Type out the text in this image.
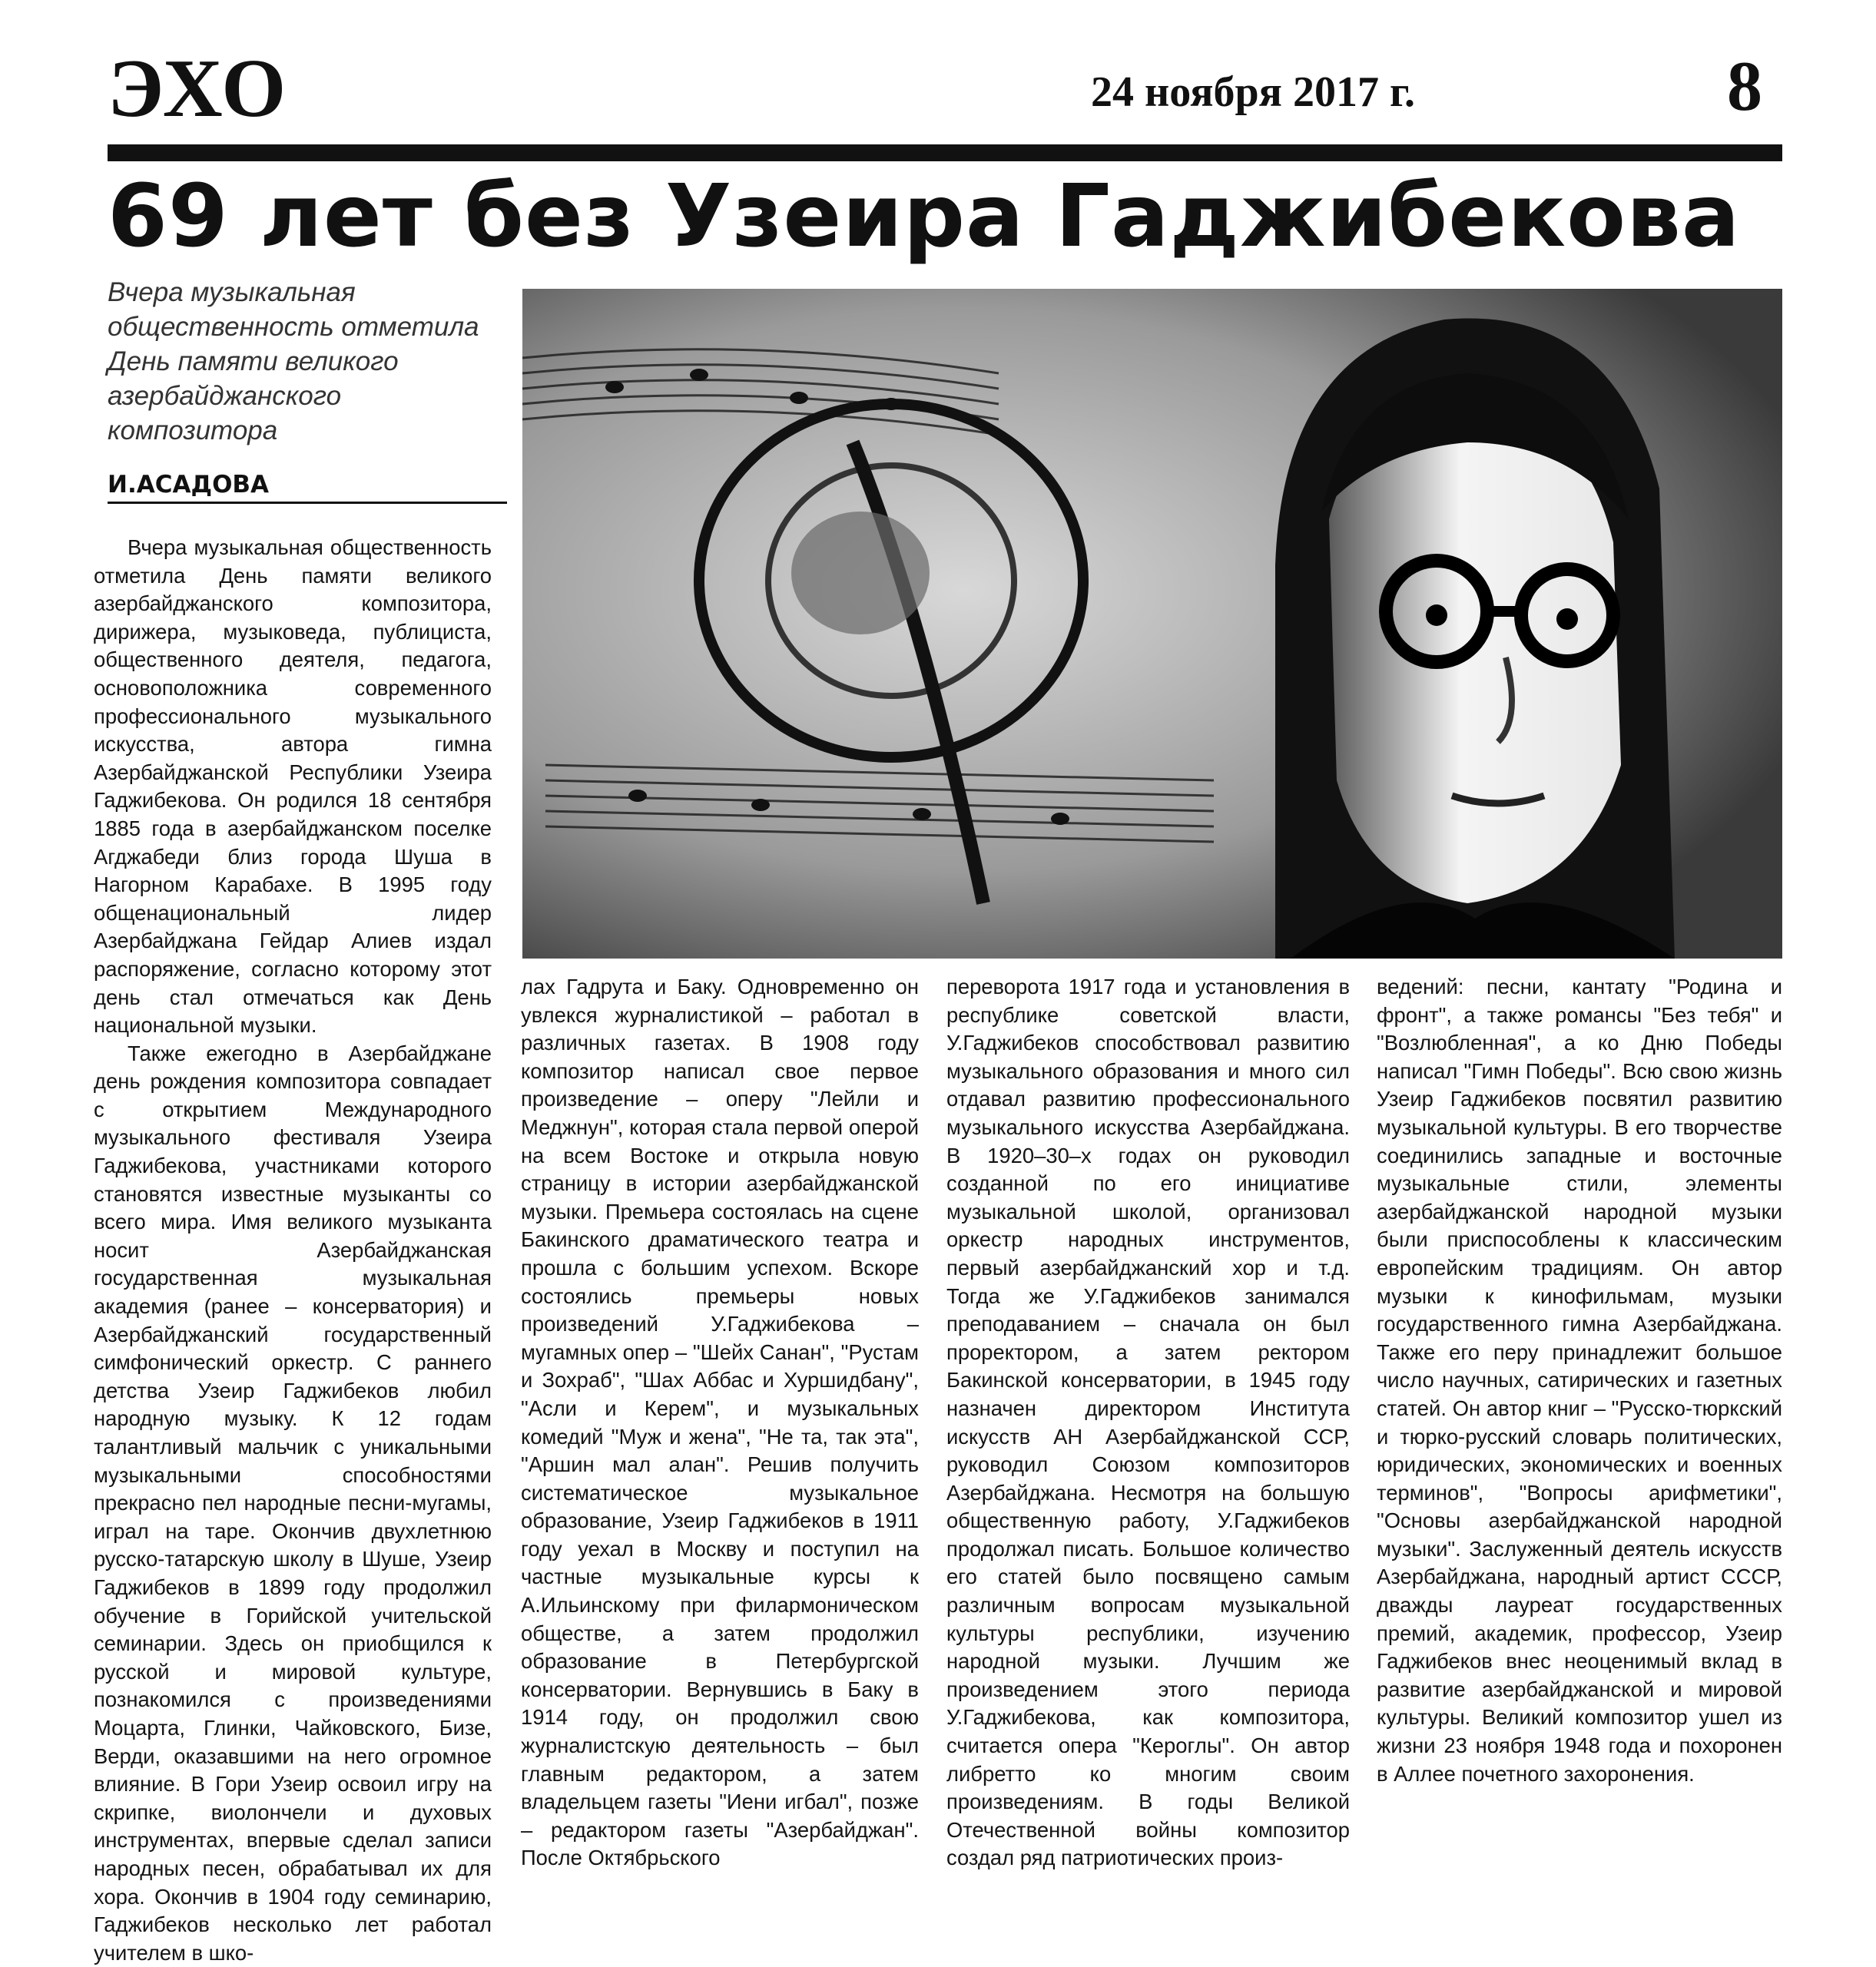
ЭХО	24 ноября 2017 г.	8
69 лет без Узеира Гаджибекова
Вчера музыкальная общественность отметила День памяти великого азербайджанского композитора
И.АСАДОВА

Вчера музыкальная общественность отметила День памяти великого азербайджанского композитора, дирижера, музыковеда, публициста, общественного деятеля, педагога, основоположника современного профессионального музыкального искусства, автора гимна Азербайджанской Республики Узеира Гаджибекова. Он родился 18 сентября 1885 года в азербайджанском поселке Агджабеди близ города Шуша в Нагорном Карабахе. В 1995 году общенациональный лидер Азербайджана Гейдар Алиев издал распоряжение, согласно которому этот день стал отмечаться как День национальной музыки.

Также ежегодно в Азербайджане день рождения композитора совпадает с открытием Международного музыкального фестиваля Узеира Гаджибекова, участниками которого становятся известные музыканты со всего мира. Имя великого музыканта носит Азербайджанская государственная музыкальная академия (ранее – консерватория) и Азербайджанский государственный симфонический оркестр. С раннего детства Узеир Гаджибеков любил народную музыку. К 12 годам талантливый мальчик с уникальными музыкальными способностями прекрасно пел народные песни-мугамы, играл на таре. Окончив двухлетнюю русско-татарскую школу в Шуше, Узеир Гаджибеков в 1899 году продолжил обучение в Горийской учительской семинарии. Здесь он приобщился к русской и мировой культуре, познакомился с произведениями Моцарта, Глинки, Чайковского, Бизе, Верди, оказавшими на него огромное влияние. В Гори Узеир освоил игру на скрипке, виолончели и духовых инструментах, впервые сделал записи народных песен, обрабатывал их для хора. Окончив в 1904 году семинарию, Гаджибеков несколько лет работал учителем в шко-

лах Гадрута и Баку. Одновременно он увлекся журналистикой – работал в различных газетах. В 1908 году композитор написал свое первое произведение – оперу "Лейли и Меджнун", которая стала первой оперой на всем Востоке и открыла новую страницу в истории азербайджанской музыки. Премьера состоялась на сцене Бакинского драматического театра и прошла с большим успехом. Вскоре состоялись премьеры новых произведений У.Гаджибекова – мугамных опер – "Шейх Санан", "Рустам и Зохраб", "Шах Аббас и Хуршидбану", "Асли и Керем", и музыкальных комедий "Муж и жена", "Не та, так эта", "Аршин мал алан". Решив получить систематическое музыкальное образование, Узеир Гаджибеков в 1911 году уехал в Москву и поступил на частные музыкальные курсы к А.Ильинскому при филармоническом обществе, а затем продолжил образование в Петербургской консерватории. Вернувшись в Баку в 1914 году, он продолжил свою журналистскую деятельность – был главным редактором, а затем владельцем газеты "Иени игбал", позже – редактором газеты "Азербайджан". После Октябрьского

переворота 1917 года и установления в республике советской власти, У.Гаджибеков способствовал развитию музыкального образования и много сил отдавал развитию профессионального музыкального искусства Азербайджана. В 1920–30–х годах он руководил созданной по его инициативе музыкальной школой, организовал оркестр народных инструментов, первый азербайджанский хор и т.д. Тогда же У.Гаджибеков занимался преподаванием – сначала он был проректором, а затем ректором Бакинской консерватории, в 1945 году назначен директором Института искусств АН Азербайджанской ССР, руководил Союзом композиторов Азербайджана. Несмотря на большую общественную работу, У.Гаджибеков продолжал писать. Большое количество его статей было посвящено самым различным вопросам музыкальной культуры республики, изучению народной музыки. Лучшим же произведением этого периода У.Гаджибекова, как композитора, считается опера "Кероглы". Он автор либретто ко многим своим произведениям. В годы Великой Отечественной войны композитор создал ряд патриотических произ-

ведений: песни, кантату "Родина и фронт", а также романсы "Без тебя" и "Возлюбленная", а ко Дню Победы написал "Гимн Победы". Всю свою жизнь Узеир Гаджибеков посвятил развитию музыкальной культуры. В его творчестве соединились западные и восточные музыкальные стили, элементы азербайджанской народной музыки были приспособлены к классическим европейским традициям. Он автор музыки к кинофильмам, музыки государственного гимна Азербайджана. Также его перу принадлежит большое число научных, сатирических и газетных статей. Он автор книг – "Русско-тюркский и тюрко-русский словарь политических, юридических, экономических и военных терминов", "Вопросы арифметики", "Основы азербайджанской народной музыки". Заслуженный деятель искусств Азербайджана, народный артист СССР, дважды лауреат государственных премий, академик, профессор, Узеир Гаджибеков внес неоценимый вклад в развитие азербайджанской и мировой культуры. Великий композитор ушел из жизни 23 ноября 1948 года и похоронен в Аллее почетного захоронения.
